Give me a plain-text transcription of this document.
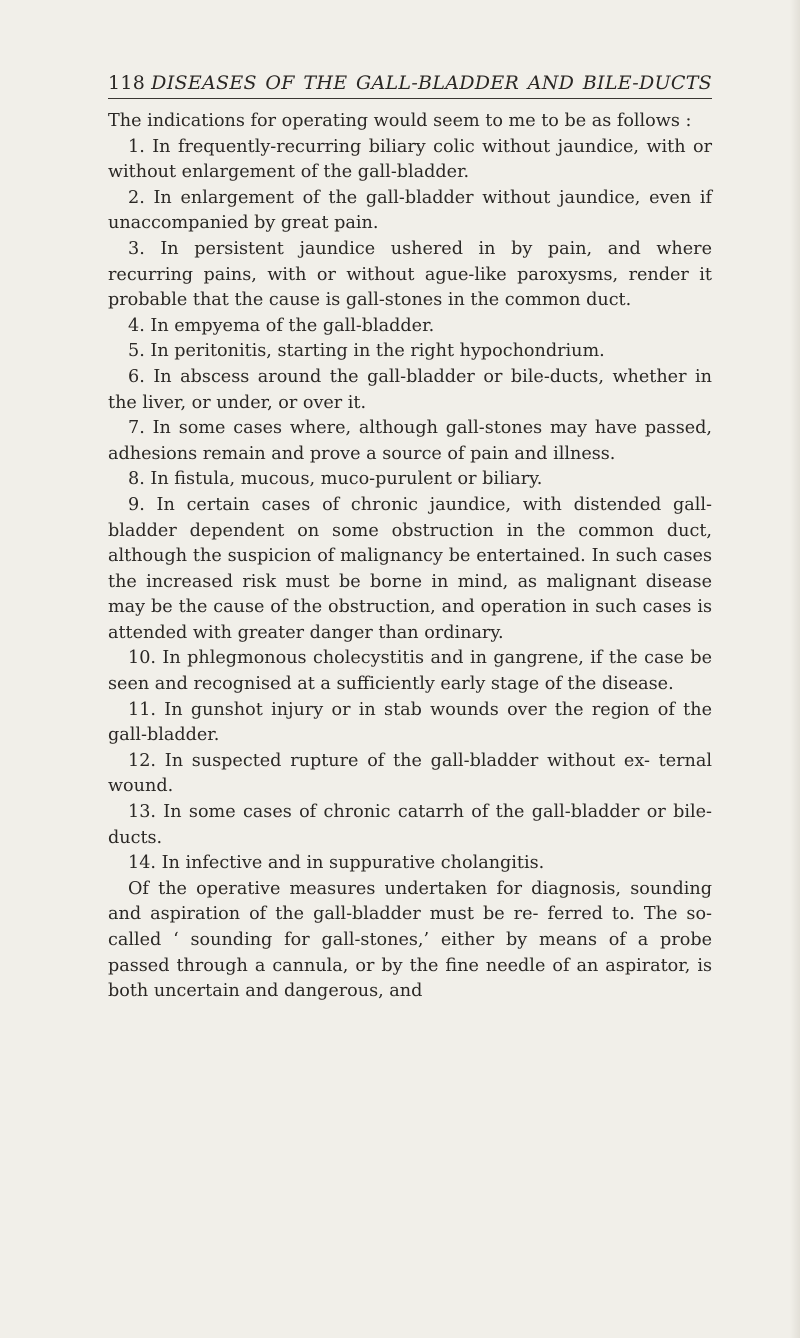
118 DISEASES OF THE GALL-BLADDER AND BILE-DUCTS

The indications for operating would seem to me to be as follows :

1. In frequently-recurring biliary colic without jaundice, with or without enlargement of the gall-bladder.

2. In enlargement of the gall-bladder without jaundice, even if unaccompanied by great pain.

3. In persistent jaundice ushered in by pain, and where recurring pains, with or without ague-like paroxysms, render it probable that the cause is gall-stones in the common duct.

4. In empyema of the gall-bladder.

5. In peritonitis, starting in the right hypochondrium.

6. In abscess around the gall-bladder or bile-ducts, whether in the liver, or under, or over it.

7. In some cases where, although gall-stones may have passed, adhesions remain and prove a source of pain and illness.

8. In fistula, mucous, muco-purulent or biliary.

9. In certain cases of chronic jaundice, with distended gall-bladder dependent on some obstruction in the common duct, although the suspicion of malignancy be entertained. In such cases the increased risk must be borne in mind, as malignant disease may be the cause of the obstruction, and operation in such cases is attended with greater danger than ordinary.

10. In phlegmonous cholecystitis and in gangrene, if the case be seen and recognised at a sufficiently early stage of the disease.

11. In gunshot injury or in stab wounds over the region of the gall-bladder.

12. In suspected rupture of the gall-bladder without ex- ternal wound.

13. In some cases of chronic catarrh of the gall-bladder or bile-ducts.

14. In infective and in suppurative cholangitis.

Of the operative measures undertaken for diagnosis, sounding and aspiration of the gall-bladder must be re- ferred to. The so-called ‘ sounding for gall-stones,’ either by means of a probe passed through a cannula, or by the fine needle of an aspirator, is both uncertain and dangerous, and
